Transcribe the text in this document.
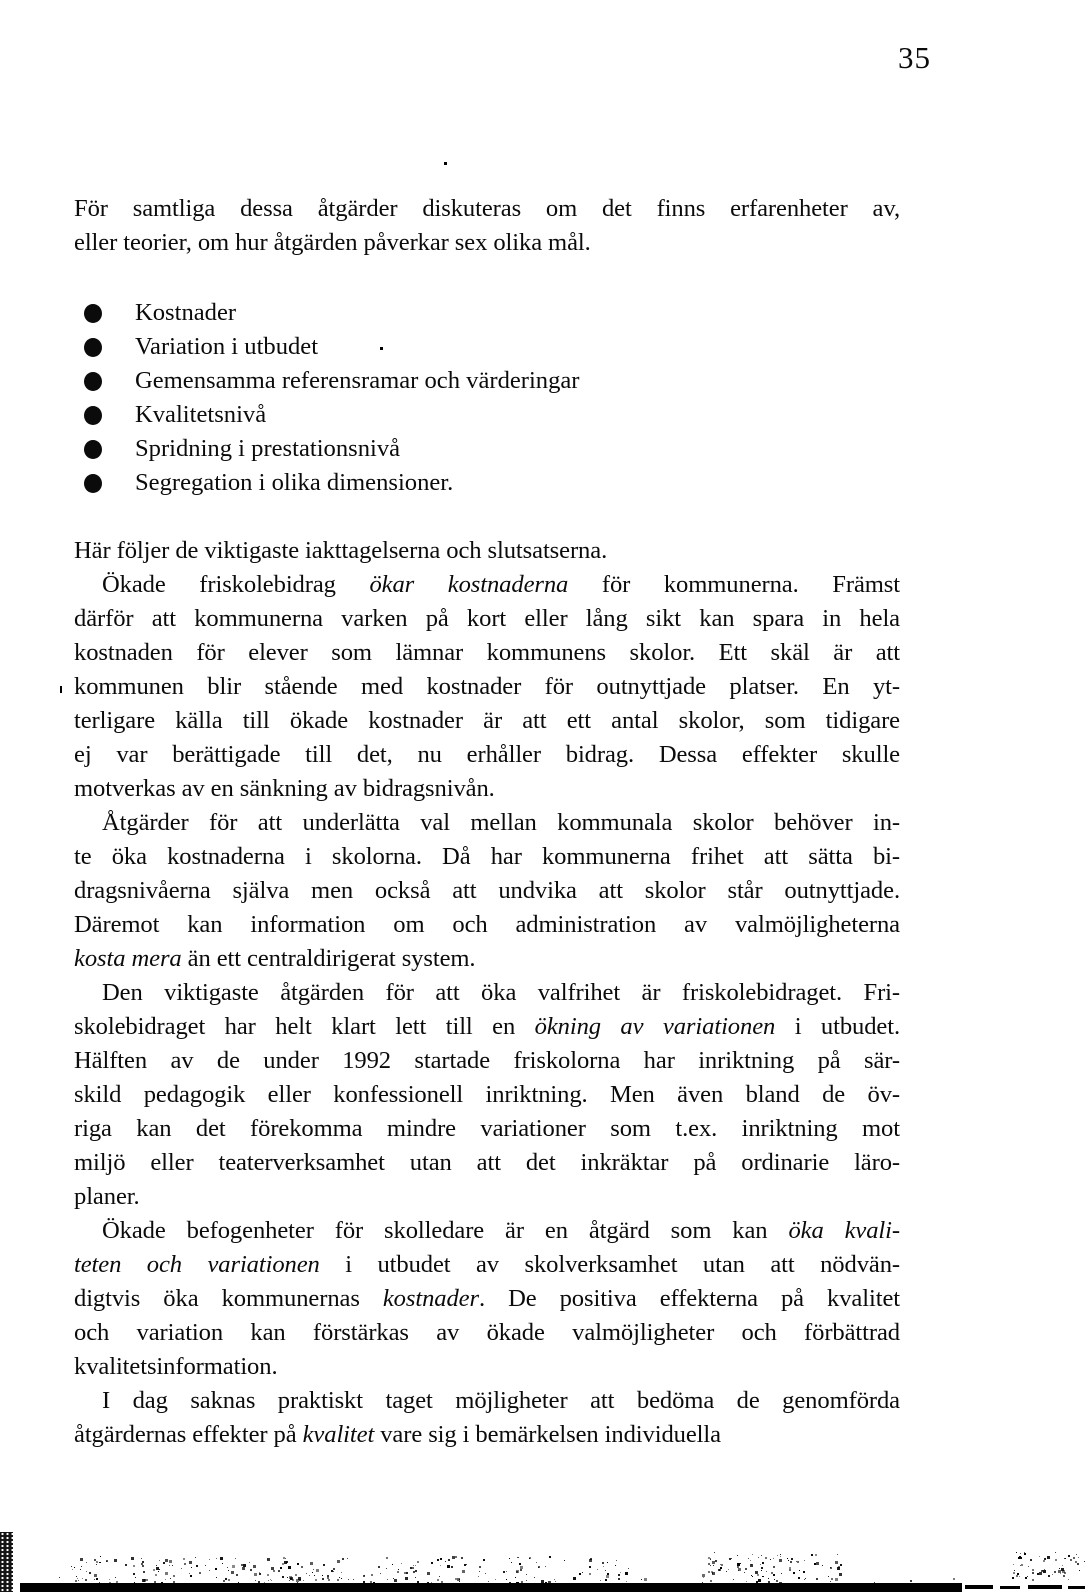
35
För samtliga dessa åtgärder diskuteras om det finns erfarenheter av,
eller teorier, om hur åtgärden påverkar sex olika mål.
Kostnader
Variation i utbudet
Gemensamma referensramar och värderingar
Kvalitetsnivå
Spridning i prestationsnivå
Segregation i olika dimensioner.
Här följer de viktigaste iakttagelserna och slutsatserna.
Ökade friskolebidrag ökar kostnaderna för kommunerna. Främst
därför att kommunerna varken på kort eller lång sikt kan spara in hela
kostnaden för elever som lämnar kommunens skolor. Ett skäl är att
kommunen blir stående med kostnader för outnyttjade platser. En yt-
terligare källa till ökade kostnader är att ett antal skolor, som tidigare
ej var berättigade till det, nu erhåller bidrag. Dessa effekter skulle
motverkas av en sänkning av bidragsnivån.
Åtgärder för att underlätta val mellan kommunala skolor behöver in-
te öka kostnaderna i skolorna. Då har kommunerna frihet att sätta bi-
dragsnivåerna själva men också att undvika att skolor står outnyttjade.
Däremot kan information om och administration av valmöjligheterna
kosta mera än ett centraldirigerat system.
Den viktigaste åtgärden för att öka valfrihet är friskolebidraget. Fri-
skolebidraget har helt klart lett till en ökning av variationen i utbudet.
Hälften av de under 1992 startade friskolorna har inriktning på sär-
skild pedagogik eller konfessionell inriktning. Men även bland de öv-
riga kan det förekomma mindre variationer som t.ex. inriktning mot
miljö eller teaterverksamhet utan att det inkräktar på ordinarie läro-
planer.
Ökade befogenheter för skolledare är en åtgärd som kan öka kvali-
teten och variationen i utbudet av skolverksamhet utan att nödvän-
digtvis öka kommunernas kostnader. De positiva effekterna på kvalitet
och variation kan förstärkas av ökade valmöjligheter och förbättrad
kvalitetsinformation.
I dag saknas praktiskt taget möjligheter att bedöma de genomförda
åtgärdernas effekter på kvalitet vare sig i bemärkelsen individuella
